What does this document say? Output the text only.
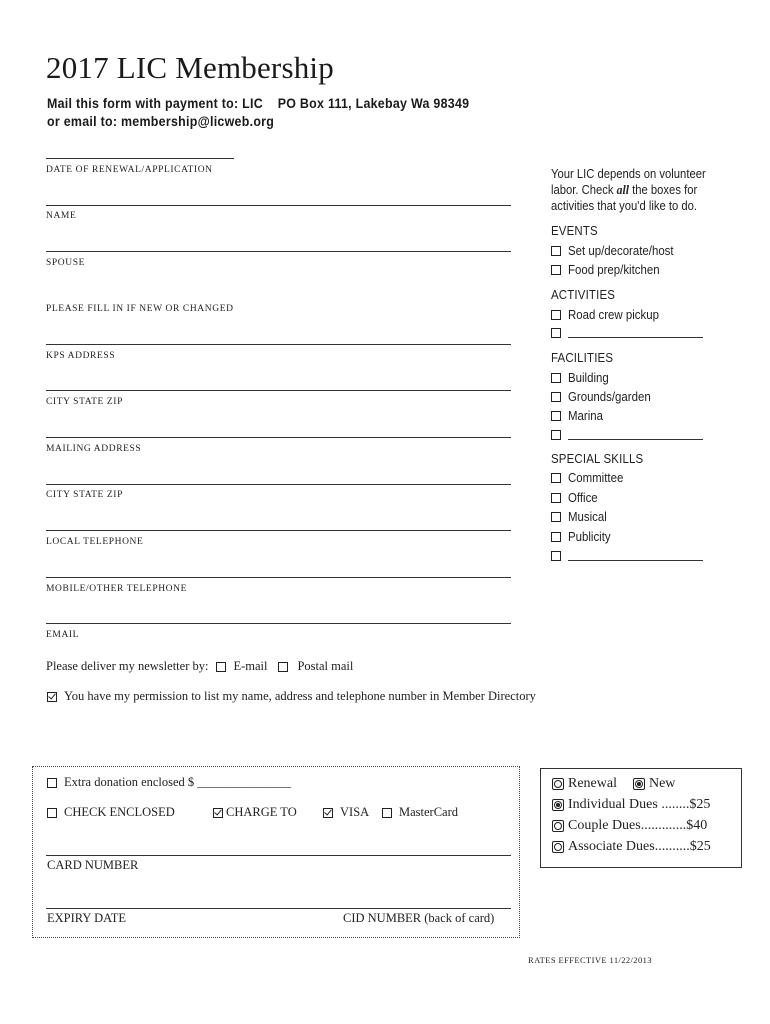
2017 LIC Membership
Mail this form with payment to: LIC PO Box 111, Lakebay Wa 98349
or email to: membership@licweb.org
DATE OF RENEWAL/APPLICATION
NAME
SPOUSE
PLEASE FILL IN IF NEW OR CHANGED
KPS ADDRESS
CITY STATE ZIP
MAILING ADDRESS
CITY STATE ZIP
LOCAL TELEPHONE
MOBILE/OTHER TELEPHONE
EMAIL
Your LIC depends on volunteer labor. Check all the boxes for activities that you'd like to do.
EVENTS
Set up/decorate/host
Food prep/kitchen
ACTIVITIES
Road crew pickup
FACILITIES
Building
Grounds/garden
Marina
SPECIAL SKILLS
Committee
Office
Musical
Publicity
Please deliver my newsletter by: E-mail Postal mail
You have my permission to list my name, address and telephone number in Member Directory
Extra donation enclosed $ _______________
CHECK ENCLOSED	CHARGE TO	VISA MasterCard
CARD NUMBER
EXPIRY DATE	CID NUMBER (back of card)
Renewal New
Individual Dues ........$25
Couple Dues.............$40
Associate Dues..........$25
RATES EFFECTIVE 11/22/2013
